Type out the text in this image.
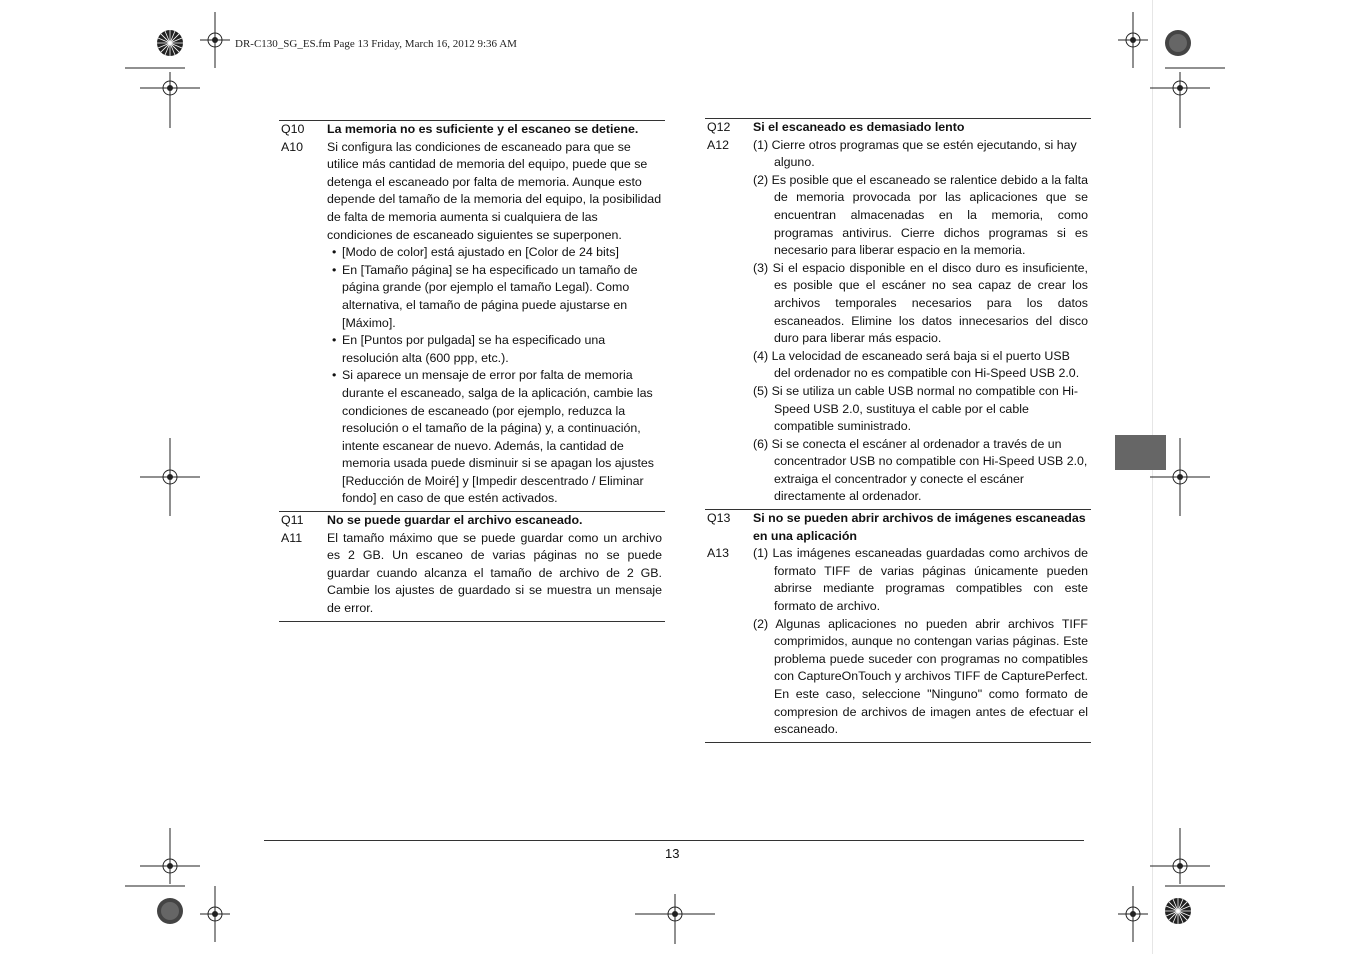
DR-C130_SG_ES.fm Page 13 Friday, March 16, 2012 9:36 AM
Q10	La memoria no es suficiente y el escaneo se detiene.
A10	Si configura las condiciones de escaneado para que se utilice más cantidad de memoria del equipo, puede que se detenga el escaneado por falta de memoria. Aunque esto depende del tamaño de la memoria del equipo, la posibilidad de falta de memoria aumenta si cualquiera de las condiciones de escaneado siguientes se superponen.
• [Modo de color] está ajustado en [Color de 24 bits]
• En [Tamaño página] se ha especificado un tamaño de página grande (por ejemplo el tamaño Legal). Como alternativa, el tamaño de página puede ajustarse en [Máximo].
• En [Puntos por pulgada] se ha especificado una resolución alta (600 ppp, etc.).
• Si aparece un mensaje de error por falta de memoria durante el escaneado, salga de la aplicación, cambie las condiciones de escaneado (por ejemplo, reduzca la resolución o el tamaño de la página) y, a continuación, intente escanear de nuevo. Además, la cantidad de memoria usada puede disminuir si se apagan los ajustes [Reducción de Moiré] y [Impedir descentrado / Eliminar fondo] en caso de que estén activados.
Q11	No se puede guardar el archivo escaneado.
A11	El tamaño máximo que se puede guardar como un archivo es 2 GB. Un escaneo de varias páginas no se puede guardar cuando alcanza el tamaño de archivo de 2 GB. Cambie los ajustes de guardado si se muestra un mensaje de error.
Q12	Si el escaneado es demasiado lento
A12	(1) Cierre otros programas que se estén ejecutando, si hay alguno.
(2) Es posible que el escaneado se ralentice debido a la falta de memoria provocada por las aplicaciones que se encuentran almacenadas en la memoria, como programas antivirus. Cierre dichos programas si es necesario para liberar espacio en la memoria.
(3) Si el espacio disponible en el disco duro es insuficiente, es posible que el escáner no sea capaz de crear los archivos temporales necesarios para los datos escaneados. Elimine los datos innecesarios del disco duro para liberar más espacio.
(4) La velocidad de escaneado será baja si el puerto USB del ordenador no es compatible con Hi-Speed USB 2.0.
(5) Si se utiliza un cable USB normal no compatible con Hi-Speed USB 2.0, sustituya el cable por el cable compatible suministrado.
(6) Si se conecta el escáner al ordenador a través de un concentrador USB no compatible con Hi-Speed USB 2.0, extraiga el concentrador y conecte el escáner directamente al ordenador.
Q13	Si no se pueden abrir archivos de imágenes escaneadas en una aplicación
A13	(1) Las imágenes escaneadas guardadas como archivos de formato TIFF de varias páginas únicamente pueden abrirse mediante programas compatibles con este formato de archivo.
(2) Algunas aplicaciones no pueden abrir archivos TIFF comprimidos, aunque no contengan varias páginas. Este problema puede suceder con programas no compatibles con CaptureOnTouch y archivos TIFF de CapturePerfect. En este caso, seleccione "Ninguno" como formato de compresion de archivos de imagen antes de efectuar el escaneado.
13
